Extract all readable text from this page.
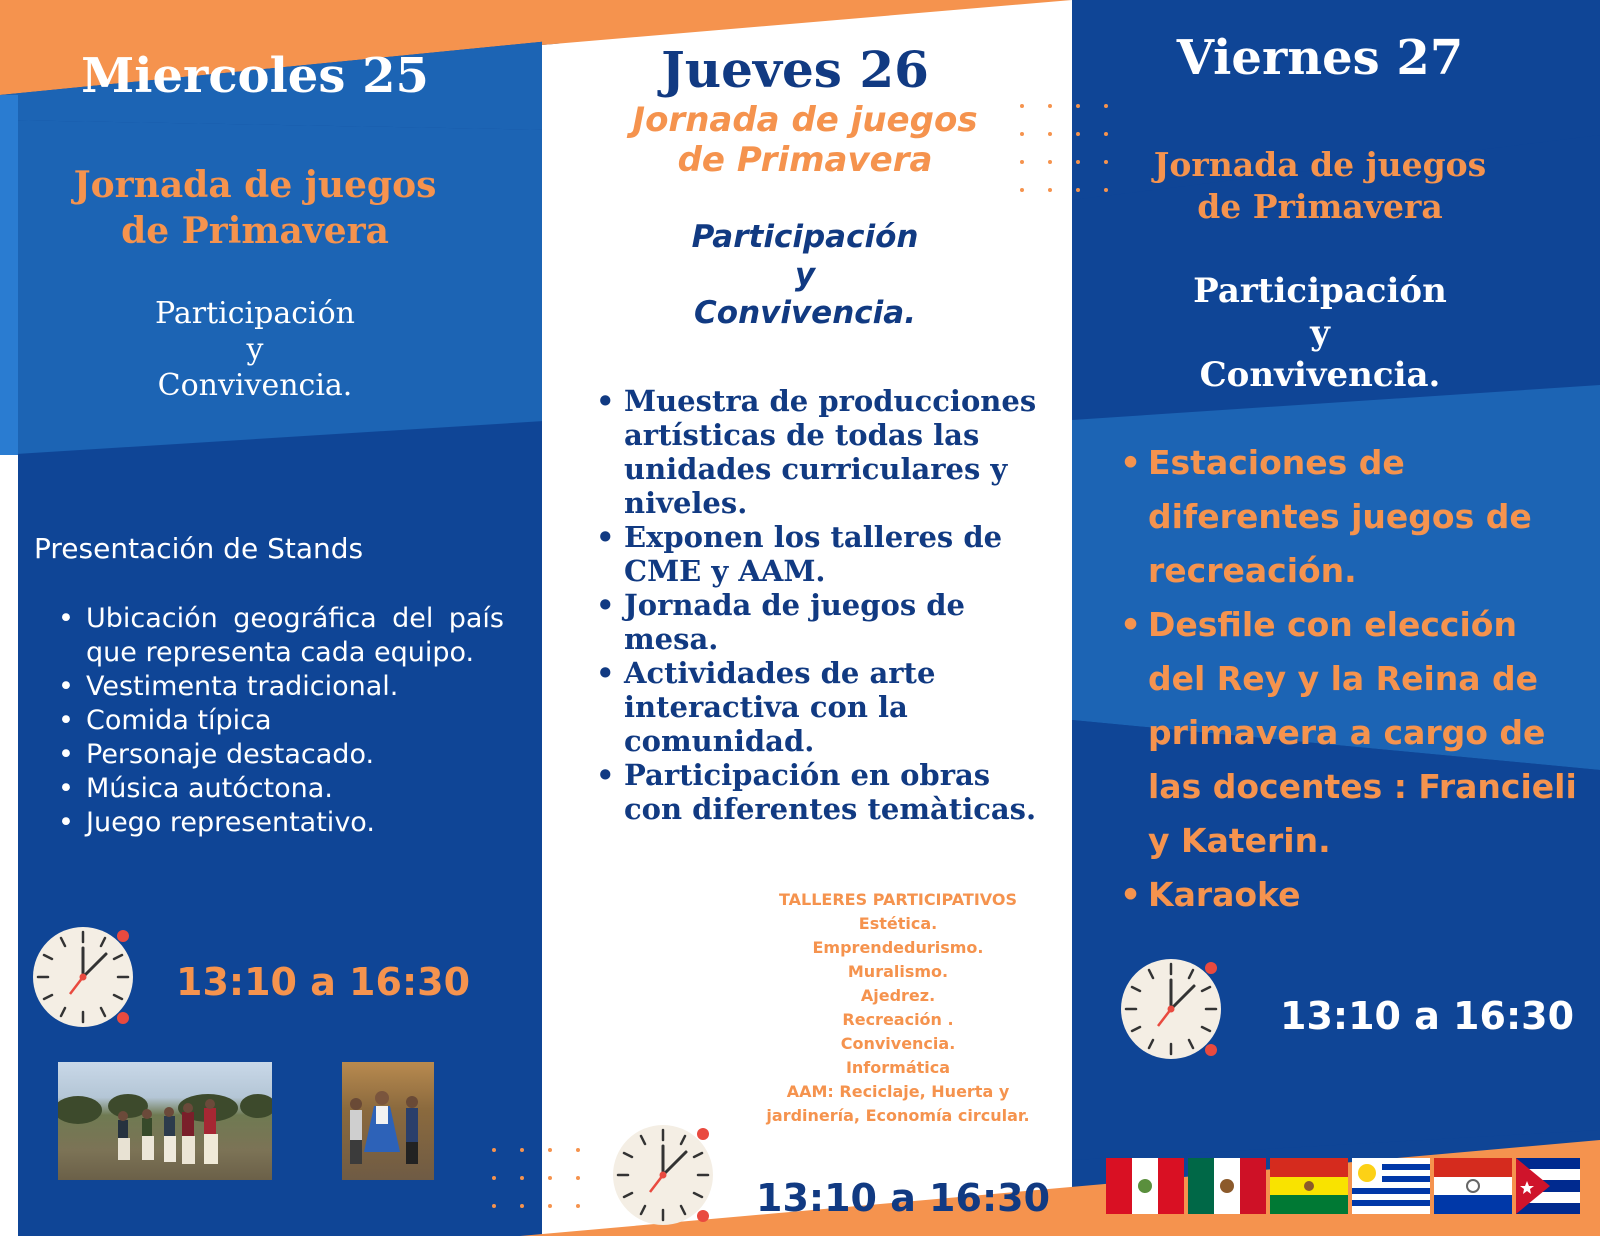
Miercoles 25
Jornada de juegos
de Primavera
Participación
y
Convivencia.
Presentación de Stands
• Ubicación geográfica del país que representa cada equipo.
• Vestimenta tradicional.
• Comida típica
• Personaje destacado.
• Música autóctona.
• Juego representativo.
13:10 a 16:30
Jueves 26
Jornada de juegos
de Primavera
Participación
y
Convivencia.
• Muestra de producciones artísticas de todas las unidades curriculares y niveles.
• Exponen los talleres de CME y AAM.
• Jornada de juegos de mesa.
• Actividades de arte interactiva con la comunidad.
• Participación en obras con diferentes temàticas.
TALLERES PARTICIPATIVOS
Estética.
Emprendedurismo.
Muralismo.
Ajedrez.
Recreación .
Convivencia.
Informática
AAM: Reciclaje, Huerta y
jardinería, Economía circular.
13:10 a 16:30
Viernes 27
Jornada de juegos
de Primavera
Participación
y
Convivencia.
• Estaciones de diferentes juegos de recreación.
• Desfile con elección del Rey y la Reina de primavera a cargo de las docentes : Francieli y Katerin.
• Karaoke
13:10 a 16:30
